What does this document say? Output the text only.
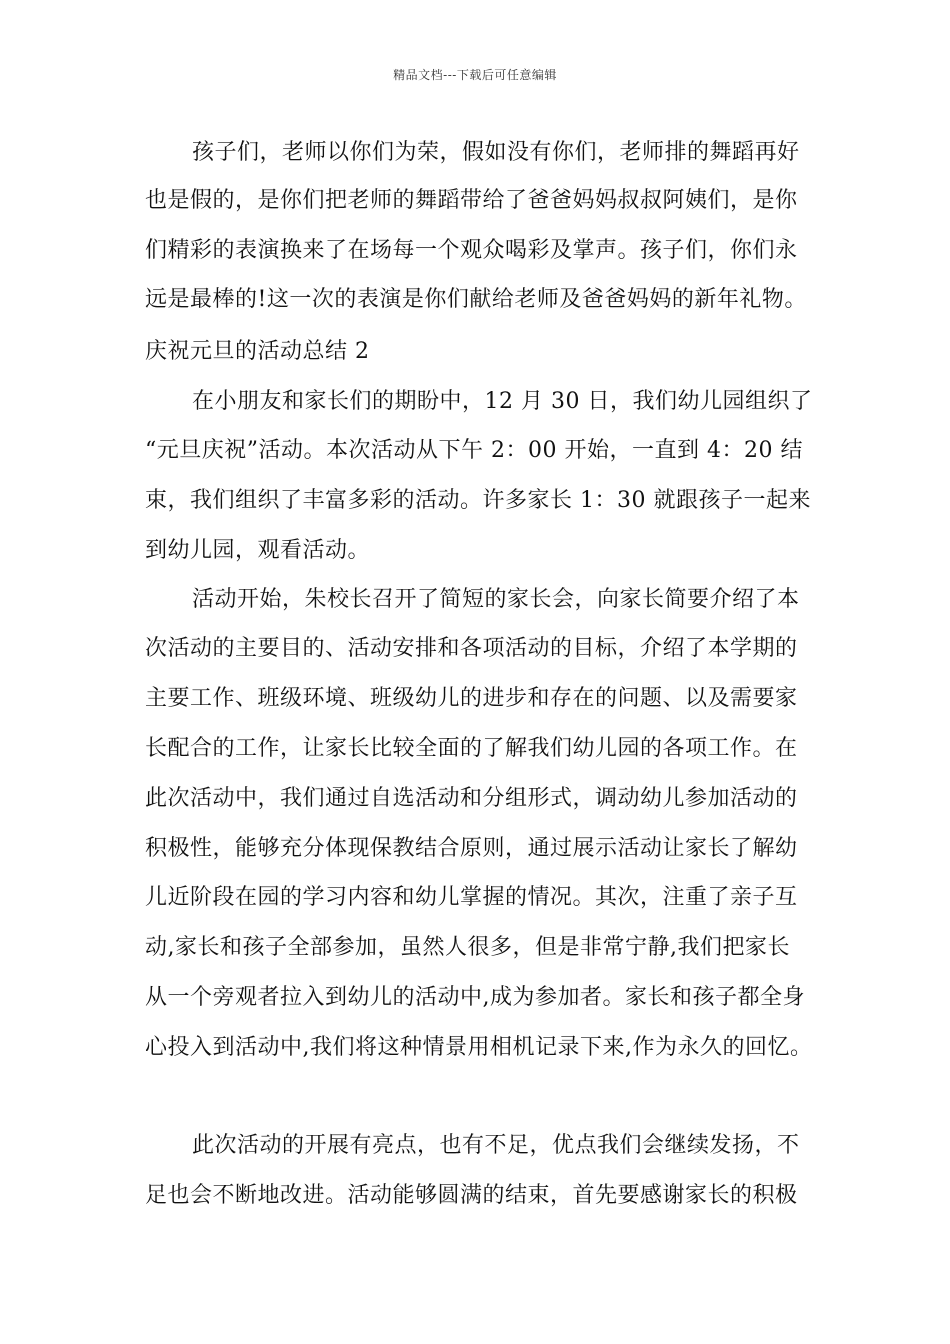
精品文档---下载后可任意编辑
孩子们，老师以你们为荣，假如没有你们，老师排的舞蹈再好
也是假的，是你们把老师的舞蹈带给了爸爸妈妈叔叔阿姨们，是你
们精彩的表演换来了在场每一个观众喝彩及掌声。孩子们，你们永
远是最棒的!这一次的表演是你们献给老师及爸爸妈妈的新年礼物。
庆祝元旦的活动总结 2
在小朋友和家长们的期盼中，12 月 30 日，我们幼儿园组织了
“元旦庆祝”活动。本次活动从下午 2：00 开始，一直到 4：20 结
束，我们组织了丰富多彩的活动。许多家长 1：30 就跟孩子一起来
到幼儿园，观看活动。
活动开始，朱校长召开了简短的家长会，向家长简要介绍了本
次活动的主要目的、活动安排和各项活动的目标，介绍了本学期的
主要工作、班级环境、班级幼儿的进步和存在的问题、以及需要家
长配合的工作，让家长比较全面的了解我们幼儿园的各项工作。在
此次活动中，我们通过自选活动和分组形式，调动幼儿参加活动的
积极性，能够充分体现保教结合原则，通过展示活动让家长了解幼
儿近阶段在园的学习内容和幼儿掌握的情况。其次，注重了亲子互
动,家长和孩子全部参加，虽然人很多，但是非常宁静,我们把家长
从一个旁观者拉入到幼儿的活动中,成为参加者。家长和孩子都全身
心投入到活动中,我们将这种情景用相机记录下来,作为永久的回忆。
此次活动的开展有亮点，也有不足，优点我们会继续发扬，不
足也会不断地改进。活动能够圆满的结束，首先要感谢家长的积极
